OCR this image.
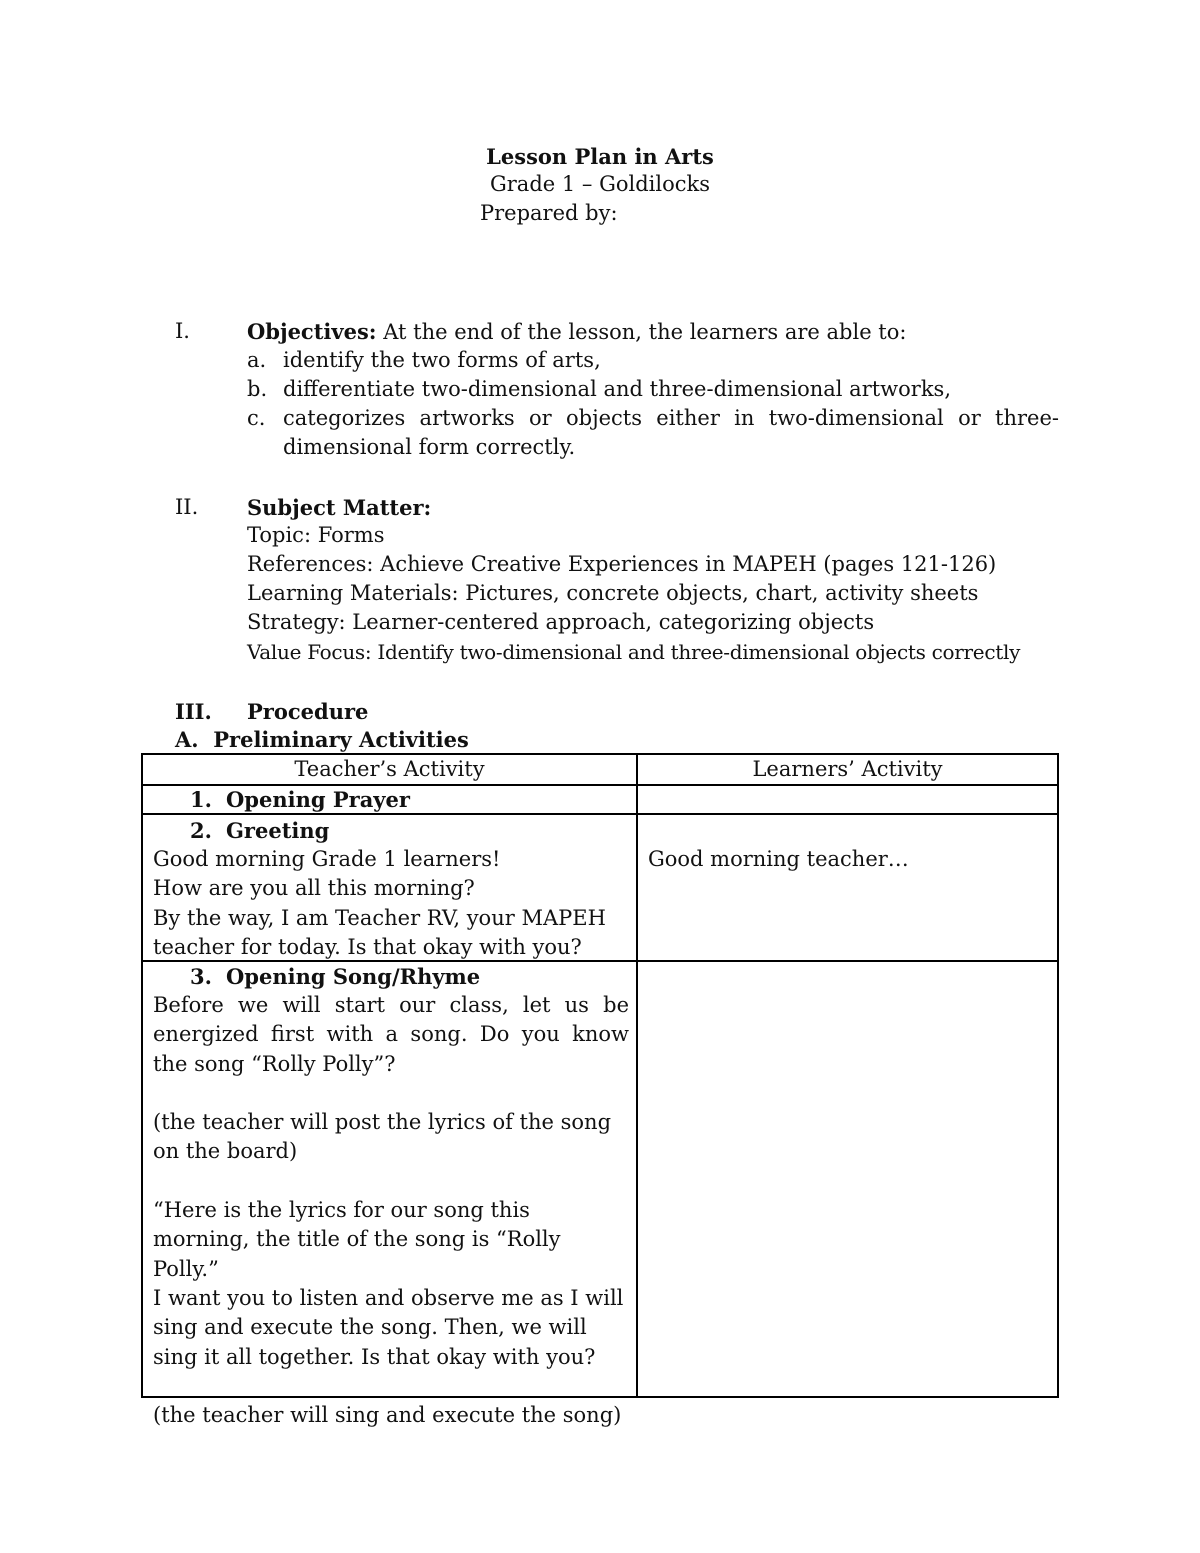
Lesson Plan in Arts
Grade 1 – Goldilocks
Prepared by:
I.	Objectives: At the end of the lesson, the learners are able to:
a. identify the two forms of arts,
b. differentiate two-dimensional and three-dimensional artworks,
c. categorizes artworks or objects either in two-dimensional or three-
dimensional form correctly.
II. Subject Matter:
Topic: Forms
References: Achieve Creative Experiences in MAPEH (pages 121-126)
Learning Materials: Pictures, concrete objects, chart, activity sheets
Strategy: Learner-centered approach, categorizing objects
Value Focus: Identify two-dimensional and three-dimensional objects correctly
III. Procedure
A.  Preliminary Activities
Teacher’s Activity	Learners’ Activity
1. Opening Prayer
2. Greeting

Good morning Grade 1 learners!

How are you all this morning?

By the way, I am Teacher RV, your MAPEH teacher for today. Is that okay with you?

Good morning teacher…
3. Opening Song/Rhyme

Before we will start our class, let us be energized first with a song. Do you know the song “Rolly Polly”?

(the teacher will post the lyrics of the song on the board)

“Here is the lyrics for our song this morning, the title of the song is “Rolly Polly.”

I want you to listen and observe me as I will sing and execute the song. Then, we will sing it all together. Is that okay with you?

(the teacher will sing and execute the song)
